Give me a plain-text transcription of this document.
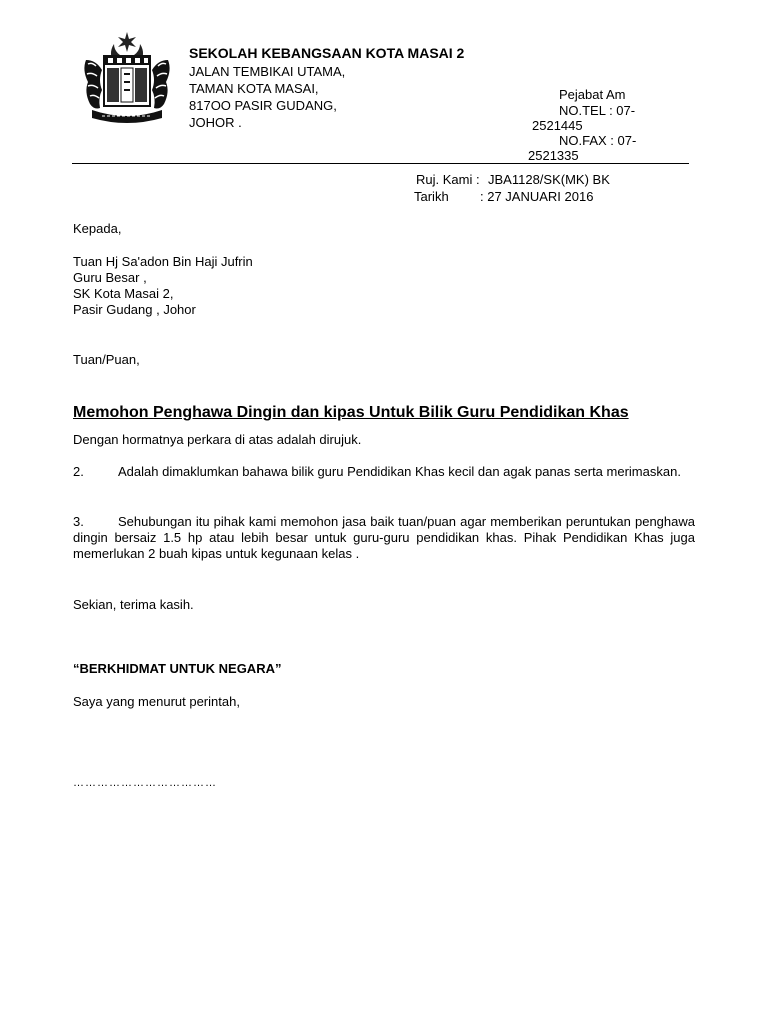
SEKOLAH KEBANGSAAN KOTA MASAI 2
JALAN TEMBIKAI UTAMA,
TAMAN KOTA MASAI,
817OO PASIR GUDANG,
JOHOR .
Pejabat Am
NO.TEL : 07-
2521445
NO.FAX : 07-
2521335
Ruj. Kami : JBA1128/SK(MK) BK
Tarikh : 27 JANUARI 2016
Kepada,
Tuan Hj Sa'adon Bin Haji Jufrin
Guru Besar ,
SK Kota Masai 2,
Pasir Gudang , Johor
Tuan/Puan,
Memohon Penghawa Dingin dan kipas Untuk Bilik Guru Pendidikan Khas
Dengan hormatnya perkara di atas adalah dirujuk.
2.	Adalah dimaklumkan bahawa bilik guru Pendidikan Khas kecil dan agak panas serta merimaskan.
3.	Sehubungan itu pihak kami memohon jasa baik tuan/puan agar memberikan peruntukan penghawa dingin bersaiz 1.5 hp atau lebih besar untuk guru-guru pendidikan khas. Pihak Pendidikan Khas juga memerlukan 2 buah kipas untuk kegunaan kelas .
Sekian, terima kasih.
“BERKHIDMAT UNTUK NEGARA”
Saya yang menurut perintah,
………………………………
